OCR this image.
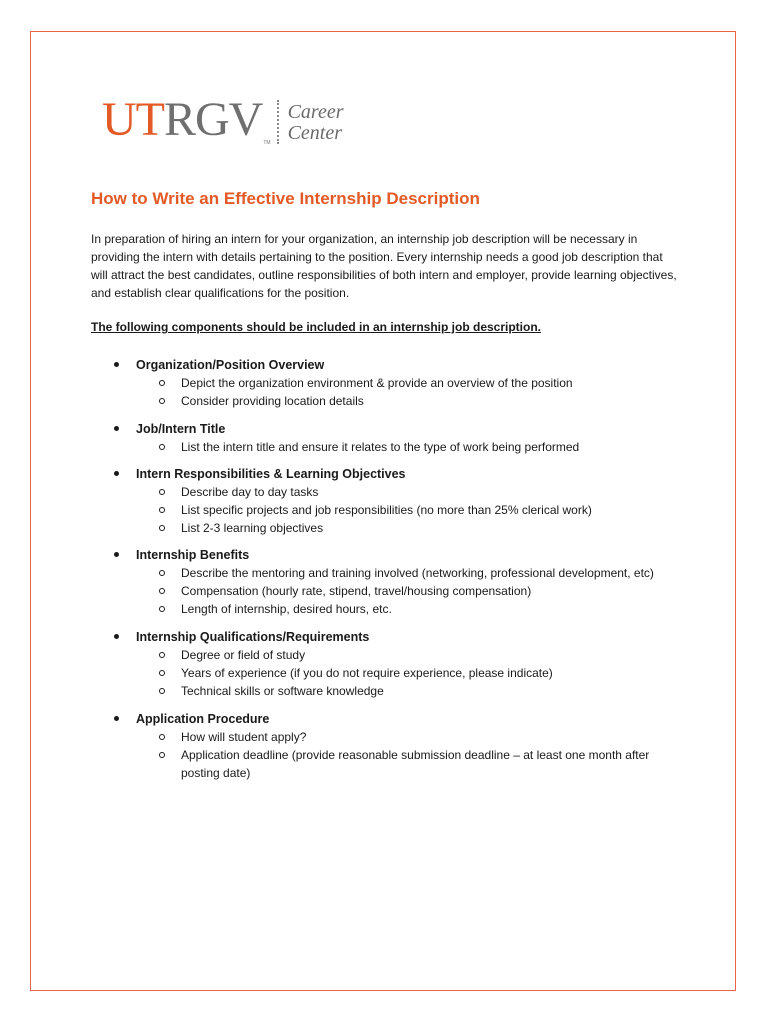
UT RGV TM
Career
Center
How to Write an Effective Internship Description

In preparation of hiring an intern for your organization, an internship job description will be necessary in providing the intern with details pertaining to the position. Every internship needs a good job description that will attract the best candidates, outline responsibilities of both intern and employer, provide learning objectives, and establish clear qualifications for the position.

The following components should be included in an internship job description.

Organization/Position Overview
Depict the organization environment & provide an overview of the position
Consider providing location details
Job/Intern Title
List the intern title and ensure it relates to the type of work being performed
Intern Responsibilities & Learning Objectives
Describe day to day tasks
List specific projects and job responsibilities (no more than 25% clerical work)
List 2-3 learning objectives
Internship Benefits
Describe the mentoring and training involved (networking, professional development, etc)
Compensation (hourly rate, stipend, travel/housing compensation)
Length of internship, desired hours, etc.
Internship Qualifications/Requirements
Degree or field of study
Years of experience (if you do not require experience, please indicate)
Technical skills or software knowledge
Application Procedure
How will student apply?
Application deadline (provide reasonable submission deadline – at least one month after posting date)
